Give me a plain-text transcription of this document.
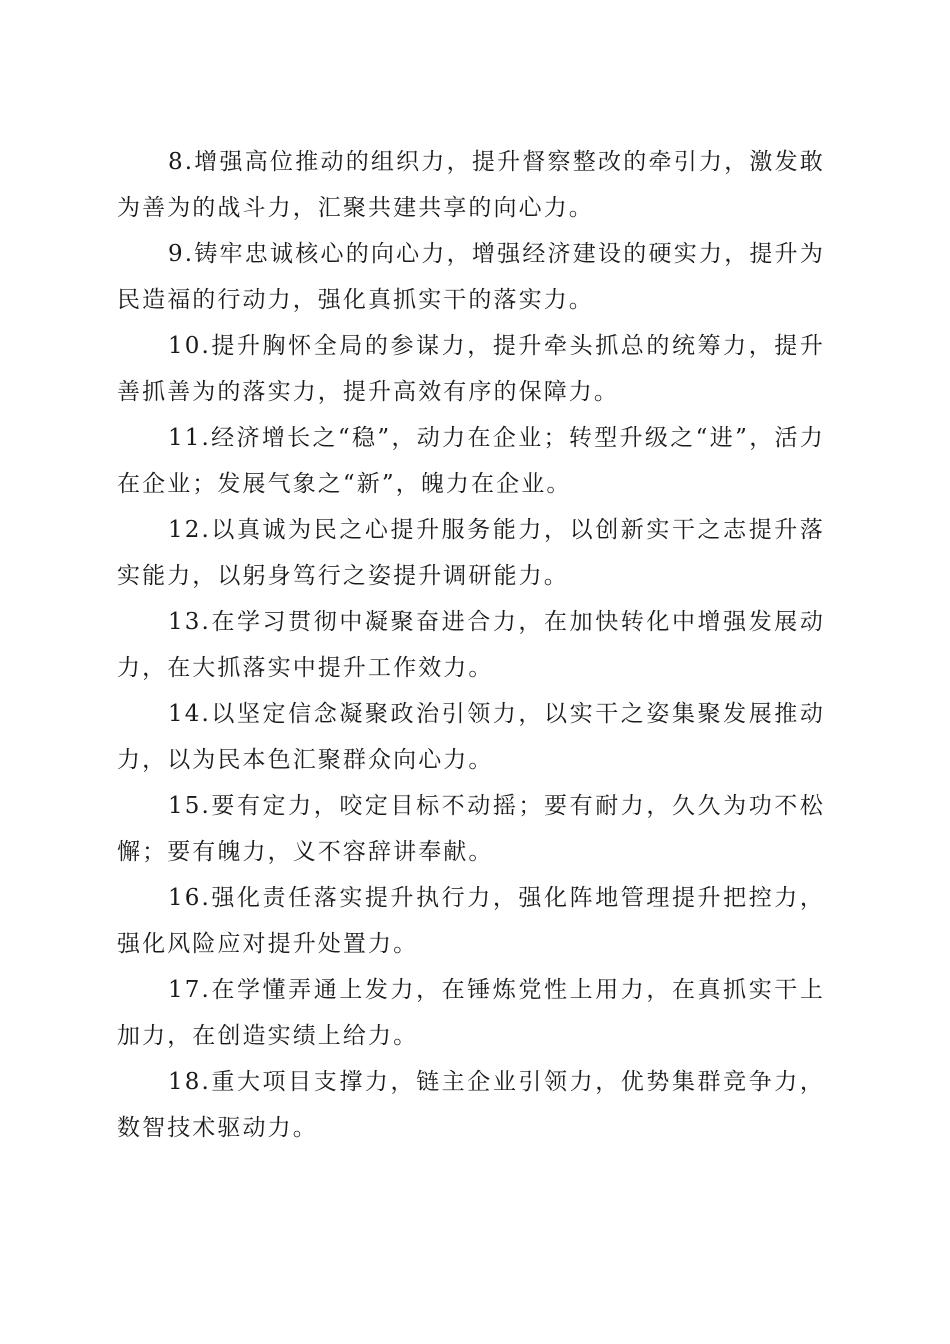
8.增强高位推动的组织力，提升督察整改的牵引力，激发敢为善为的战斗力，汇聚共建共享的向心力。

9.铸牢忠诚核心的向心力，增强经济建设的硬实力，提升为民造福的行动力，强化真抓实干的落实力。

10.提升胸怀全局的参谋力，提升牵头抓总的统筹力，提升善抓善为的落实力，提升高效有序的保障力。

11.经济增长之“稳”，动力在企业；转型升级之“进”，活力在企业；发展气象之“新”，魄力在企业。

12.以真诚为民之心提升服务能力，以创新实干之志提升落实能力，以躬身笃行之姿提升调研能力。

13.在学习贯彻中凝聚奋进合力，在加快转化中增强发展动力，在大抓落实中提升工作效力。

14.以坚定信念凝聚政治引领力，以实干之姿集聚发展推动力，以为民本色汇聚群众向心力。

15.要有定力，咬定目标不动摇；要有耐力，久久为功不松懈；要有魄力，义不容辞讲奉献。

16.强化责任落实提升执行力，强化阵地管理提升把控力，强化风险应对提升处置力。

17.在学懂弄通上发力，在锤炼党性上用力，在真抓实干上加力，在创造实绩上给力。

18.重大项目支撑力，链主企业引领力，优势集群竞争力，数智技术驱动力。
